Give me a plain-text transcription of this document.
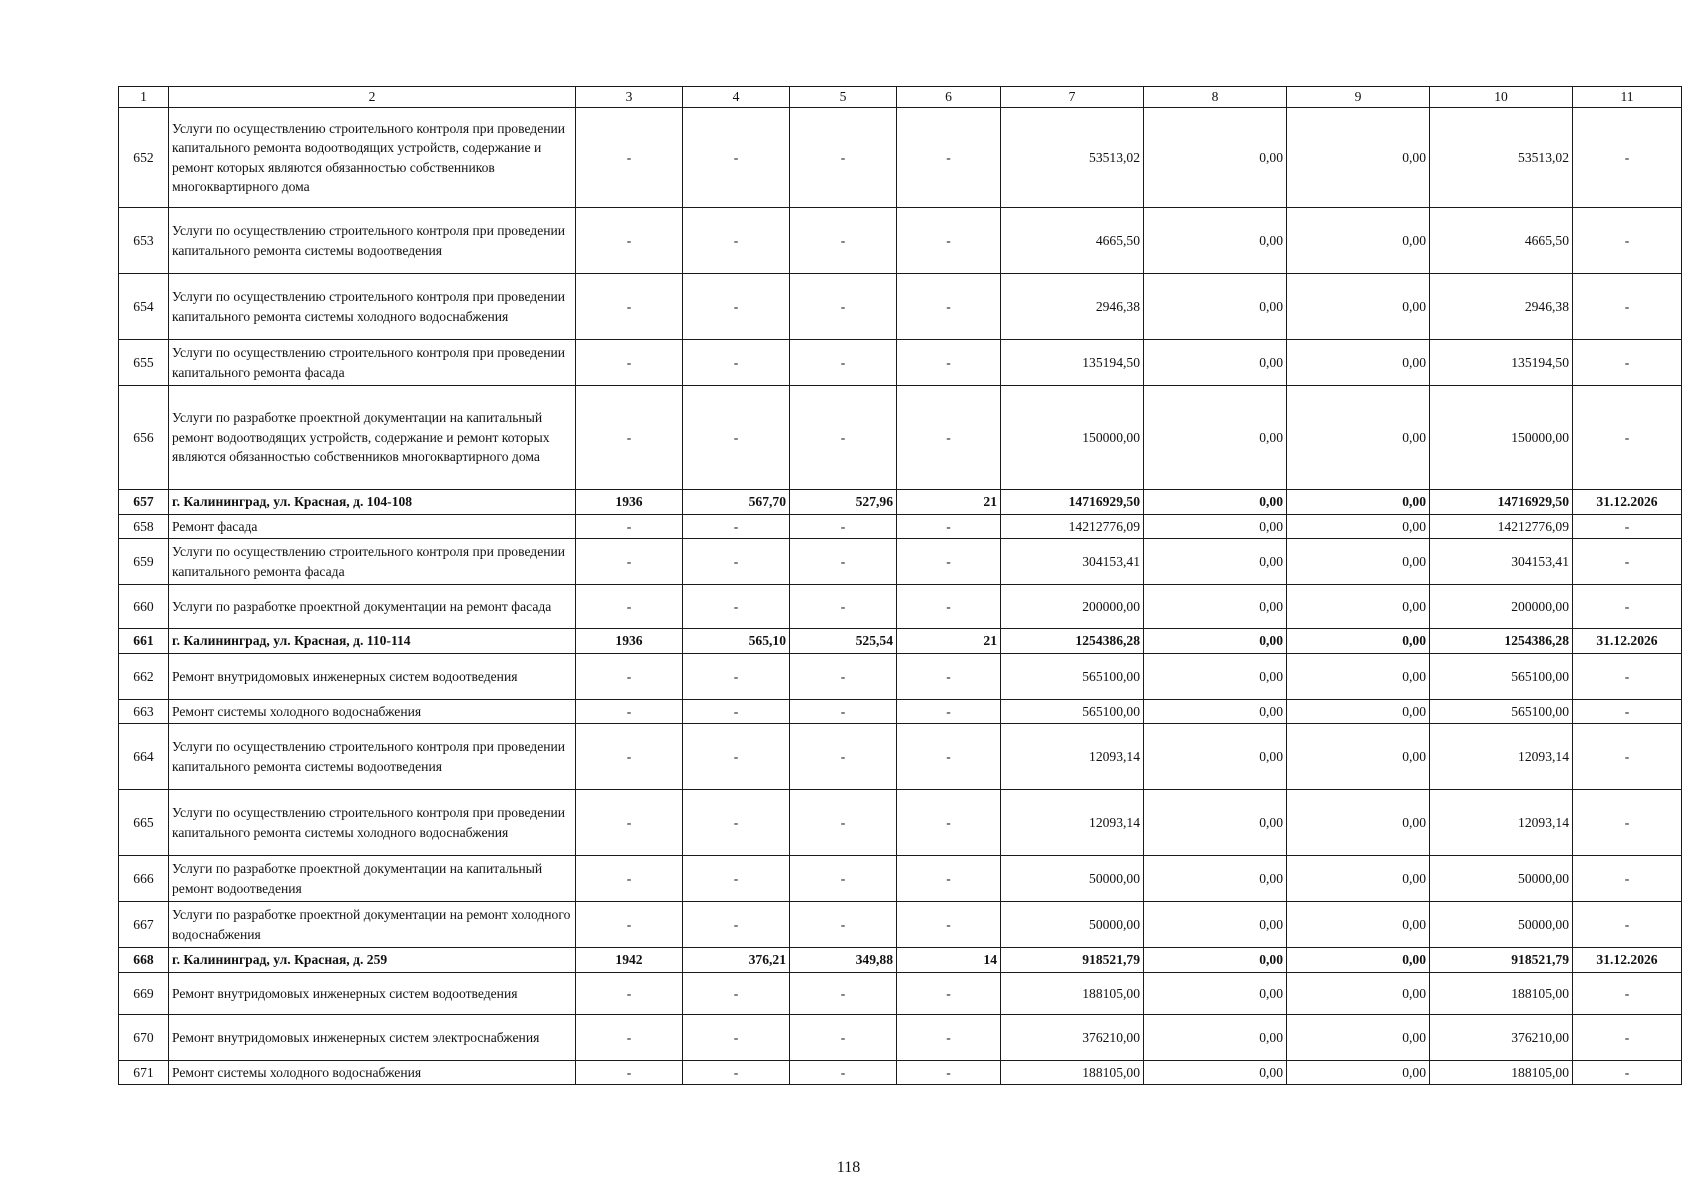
1	2	3	4	5	6	7	8	9	10	11
652	Услуги по осуществлению строительного контроля при проведении капитального ремонта водоотводящих устройств, содержание и ремонт которых являются обязанностью собственников многоквартирного дома	-	-	-	-	53513,02	0,00	0,00	53513,02	-
653	Услуги по осуществлению строительного контроля при проведении капитального ремонта системы водоотведения	-	-	-	-	4665,50	0,00	0,00	4665,50	-
654	Услуги по осуществлению строительного контроля при проведении капитального ремонта системы холодного водоснабжения	-	-	-	-	2946,38	0,00	0,00	2946,38	-
655	Услуги по осуществлению строительного контроля при проведении капитального ремонта фасада	-	-	-	-	135194,50	0,00	0,00	135194,50	-
656	Услуги по разработке проектной документации на капитальный ремонт водоотводящих устройств, содержание и ремонт которых являются обязанностью собственников многоквартирного дома	-	-	-	-	150000,00	0,00	0,00	150000,00	-
657	г. Калининград, ул. Красная, д. 104-108	1936	567,70	527,96	21	14716929,50	0,00	0,00	14716929,50	31.12.2026
658	Ремонт фасада	-	-	-	-	14212776,09	0,00	0,00	14212776,09	-
659	Услуги по осуществлению строительного контроля при проведении капитального ремонта фасада	-	-	-	-	304153,41	0,00	0,00	304153,41	-
660	Услуги по разработке проектной документации на ремонт фасада	-	-	-	-	200000,00	0,00	0,00	200000,00	-
661	г. Калининград, ул. Красная, д. 110-114	1936	565,10	525,54	21	1254386,28	0,00	0,00	1254386,28	31.12.2026
662	Ремонт внутридомовых инженерных систем водоотведения	-	-	-	-	565100,00	0,00	0,00	565100,00	-
663	Ремонт системы холодного водоснабжения	-	-	-	-	565100,00	0,00	0,00	565100,00	-
664	Услуги по осуществлению строительного контроля при проведении капитального ремонта системы водоотведения	-	-	-	-	12093,14	0,00	0,00	12093,14	-
665	Услуги по осуществлению строительного контроля при проведении капитального ремонта системы холодного водоснабжения	-	-	-	-	12093,14	0,00	0,00	12093,14	-
666	Услуги по разработке проектной документации на капитальный ремонт водоотведения	-	-	-	-	50000,00	0,00	0,00	50000,00	-
667	Услуги по разработке проектной документации на ремонт холодного водоснабжения	-	-	-	-	50000,00	0,00	0,00	50000,00	-
668	г. Калининград, ул. Красная, д. 259	1942	376,21	349,88	14	918521,79	0,00	0,00	918521,79	31.12.2026
669	Ремонт внутридомовых инженерных систем водоотведения	-	-	-	-	188105,00	0,00	0,00	188105,00	-
670	Ремонт внутридомовых инженерных систем электроснабжения	-	-	-	-	376210,00	0,00	0,00	376210,00	-
671	Ремонт системы холодного водоснабжения	-	-	-	-	188105,00	0,00	0,00	188105,00	-
118
